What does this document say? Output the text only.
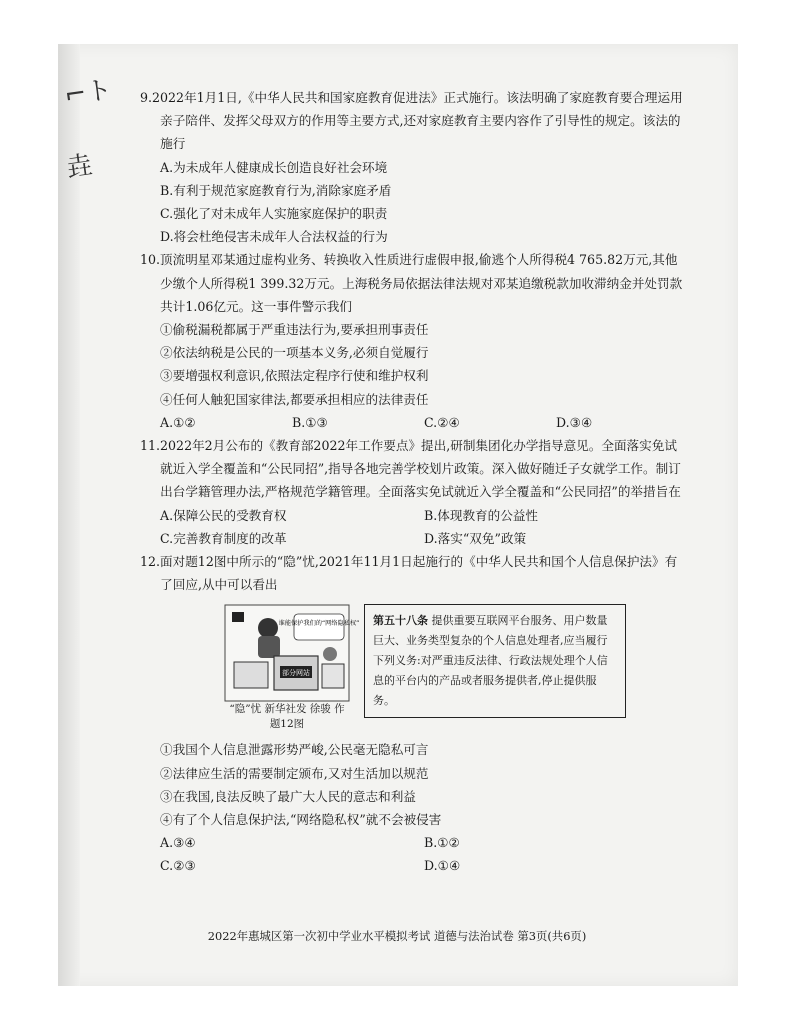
⌐ト
垚

9.2022年1月1日,《中华人民共和国家庭教育促进法》正式施行。该法明确了家庭教育要合理运用亲子陪伴、发挥父母双方的作用等主要方式,还对家庭教育主要内容作了引导性的规定。该法的施行

A.为未成年人健康成长创造良好社会环境

B.有利于规范家庭教育行为,消除家庭矛盾

C.强化了对未成年人实施家庭保护的职责

D.将会杜绝侵害未成年人合法权益的行为

10.顶流明星邓某通过虚构业务、转换收入性质进行虚假申报,偷逃个人所得税4 765.82万元,其他少缴个人所得税1 399.32万元。上海税务局依据法律法规对邓某追缴税款加收滞纳金并处罚款共计1.06亿元。这一事件警示我们

①偷税漏税都属于严重违法行为,要承担刑事责任

②依法纳税是公民的一项基本义务,必须自觉履行

③要增强权利意识,依照法定程序行使和维护权利

④任何人触犯国家律法,都要承担相应的法律责任

A.①②	B.①③	C.②④	D.③④

11.2022年2月公布的《教育部2022年工作要点》提出,研制集团化办学指导意见。全面落实免试就近入学全覆盖和“公民同招”,指导各地完善学校划片政策。深入做好随迁子女就学工作。制订出台学籍管理办法,严格规范学籍管理。全面落实免试就近入学全覆盖和“公民同招”的举措旨在

A.保障公民的受教育权	B.体现教育的公益性
C.完善教育制度的改革	D.落实“双免”政策

12.面对题12图中所示的“隐”忧,2021年11月1日起施行的《中华人民共和国个人信息保护法》有了回应,从中可以看出

谁能保护我们的“网络隐私权”
部分网站
“隐”忧 新华社发 徐骏 作
题12图
第五十八条 提供重要互联网平台服务、用户数量巨大、业务类型复杂的个人信息处理者,应当履行下列义务:对严重违反法律、行政法规处理个人信息的平台内的产品或者服务提供者,停止提供服务。

①我国个人信息泄露形势严峻,公民毫无隐私可言

②法律应生活的需要制定颁布,又对生活加以规范

③在我国,良法反映了最广大人民的意志和利益

④有了个人信息保护法,“网络隐私权”就不会被侵害

A.③④	B.①②
C.②③	D.①④
2022年惠城区第一次初中学业水平模拟考试 道德与法治试卷 第3页(共6页)
